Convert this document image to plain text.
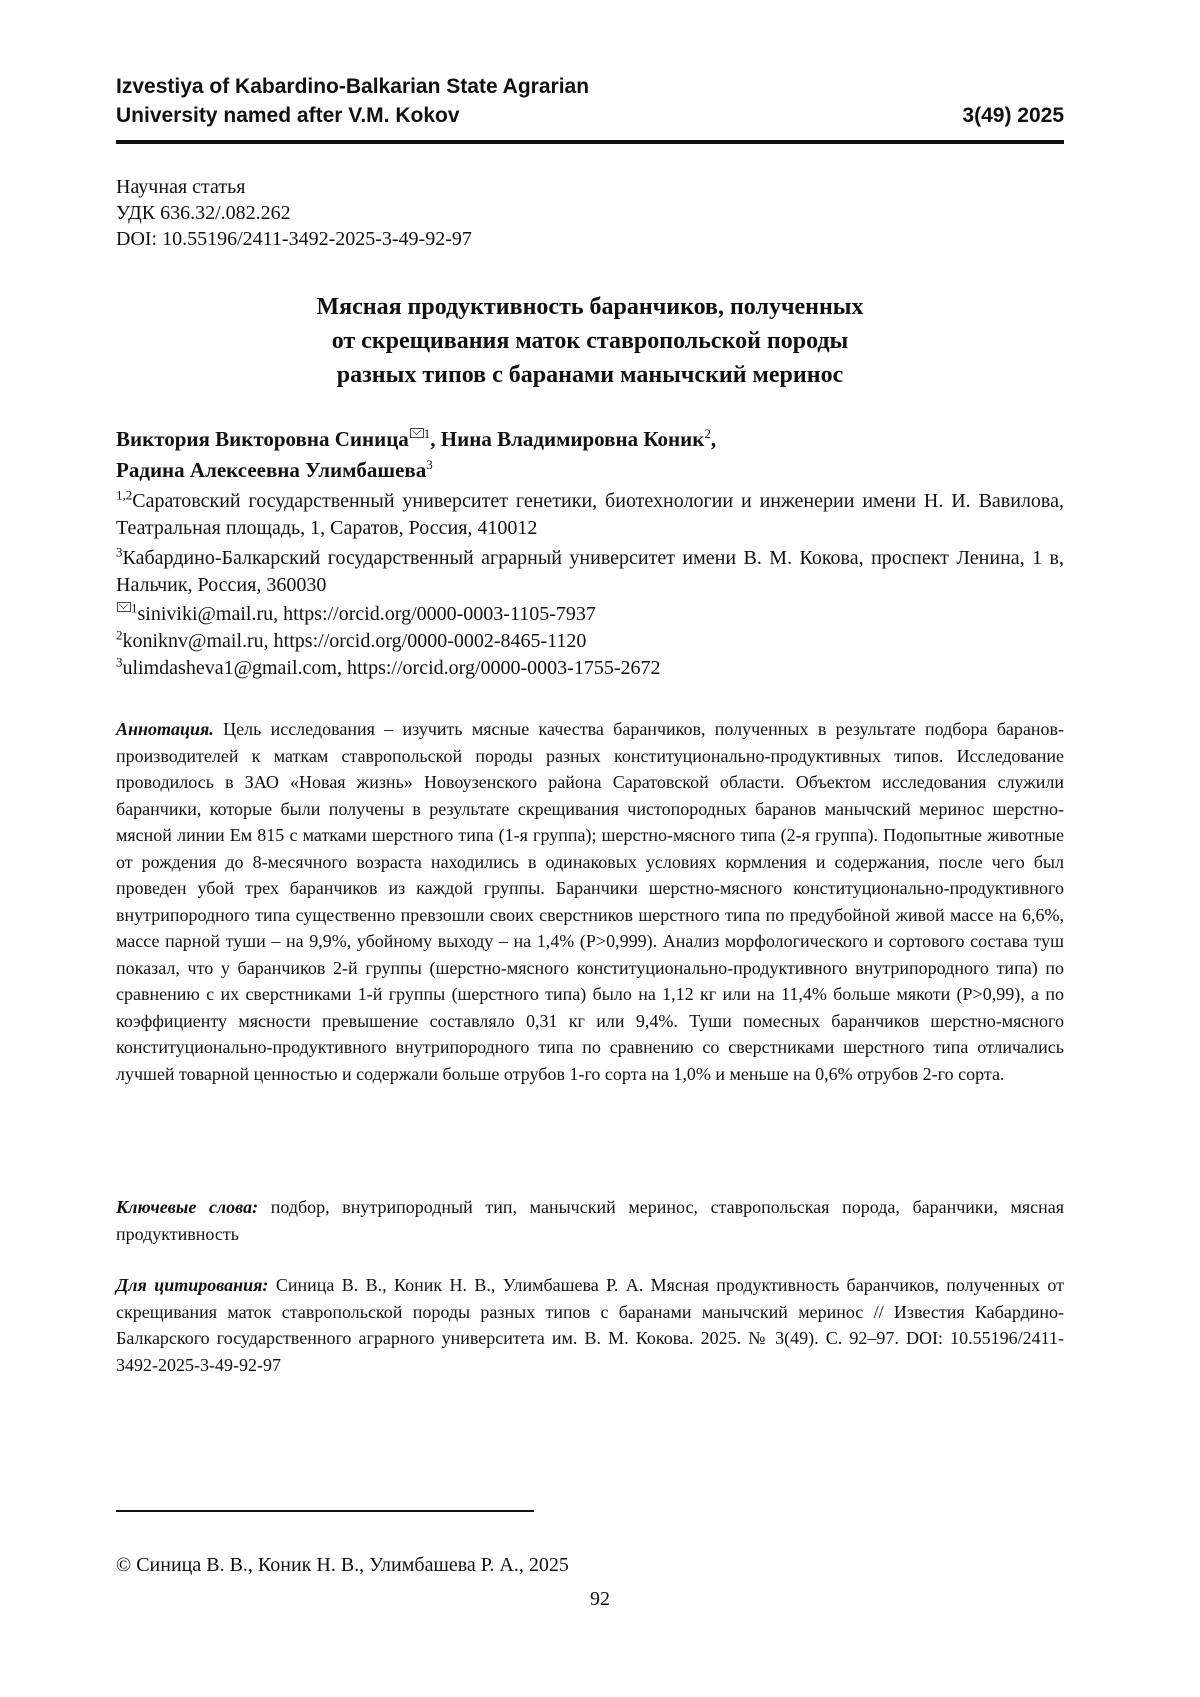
Izvestiya of Kabardino-Balkarian State Agrarian
University named after V.M. Kokov	3(49) 2025
Научная статья
УДК 636.32/.082.262
DOI: 10.55196/2411-3492-2025-3-49-92-97
Мясная продуктивность баранчиков, полученных
от скрещивания маток ставропольской породы
разных типов с баранами манычский меринос
Виктория Викторовна Синица $^1$, Нина Владимировна Коник$^2$,
Радина Алексеевна Улимбашева$^3$
$^{1,2}$Саратовский государственный университет генетики, биотехнологии и инженерии имени Н. И. Вавилова, Театральная площадь, 1, Саратов, Россия, 410012
$^3$Кабардино-Балкарский государственный аграрный университет имени В. М. Кокова, проспект Ленина, 1 в, Нальчик, Россия, 360030
$^1$siniviki@mail.ru, https://orcid.org/0000-0003-1105-7937
$^2$koniknv@mail.ru, https://orcid.org/0000-0002-8465-1120
$^3$ulimdasheva1@gmail.com, https://orcid.org/0000-0003-1755-2672
Аннотация. Цель исследования – изучить мясные качества баранчиков, полученных в результате подбора баранов-производителей к маткам ставропольской породы разных конституционально-продуктивных типов. Исследование проводилось в ЗАО «Новая жизнь» Новоузенского района Саратовской области. Объектом исследования служили баранчики, которые были получены в результате скрещивания чистопородных баранов манычский меринос шерстно-мясной линии Ем 815 с матками шерстного типа (1-я группа); шерстно-мясного типа (2-я группа). Подопытные животные от рождения до 8-месячного возраста находились в одинаковых условиях кормления и содержания, после чего был проведен убой трех баранчиков из каждой группы. Баранчики шерстно-мясного конституционально-продуктивного внутрипородного типа существенно превзошли своих сверстников шерстного типа по предубойной живой массе на 6,6%, массе парной туши – на 9,9%, убойному выходу – на 1,4% (P>0,999). Анализ морфологического и сортового состава туш показал, что у баранчиков 2-й группы (шерстно-мясного конституционально-продуктивного внутрипородного типа) по сравнению с их сверстниками 1-й группы (шерстного типа) было на 1,12 кг или на 11,4% больше мякоти (P>0,99), а по коэффициенту мясности превышение составляло 0,31 кг или 9,4%. Туши помесных баранчиков шерстно-мясного конституционально-продуктивного внутрипородного типа по сравнению со сверстниками шерстного типа отличались лучшей товарной ценностью и содержали больше отрубов 1-го сорта на 1,0% и меньше на 0,6% отрубов 2-го сорта.
Ключевые слова: подбор, внутрипородный тип, манычский меринос, ставропольская порода, баранчики, мясная продуктивность
Для цитирования: Синица В. В., Коник Н. В., Улимбашева Р. А. Мясная продуктивность баранчиков, полученных от скрещивания маток ставропольской породы разных типов с баранами манычский меринос // Известия Кабардино-Балкарского государственного аграрного университета им. В. М. Кокова. 2025. № 3(49). С. 92–97. DOI: 10.55196/2411-3492-2025-3-49-92-97
© Синица В. В., Коник Н. В., Улимбашева Р. А., 2025
92
